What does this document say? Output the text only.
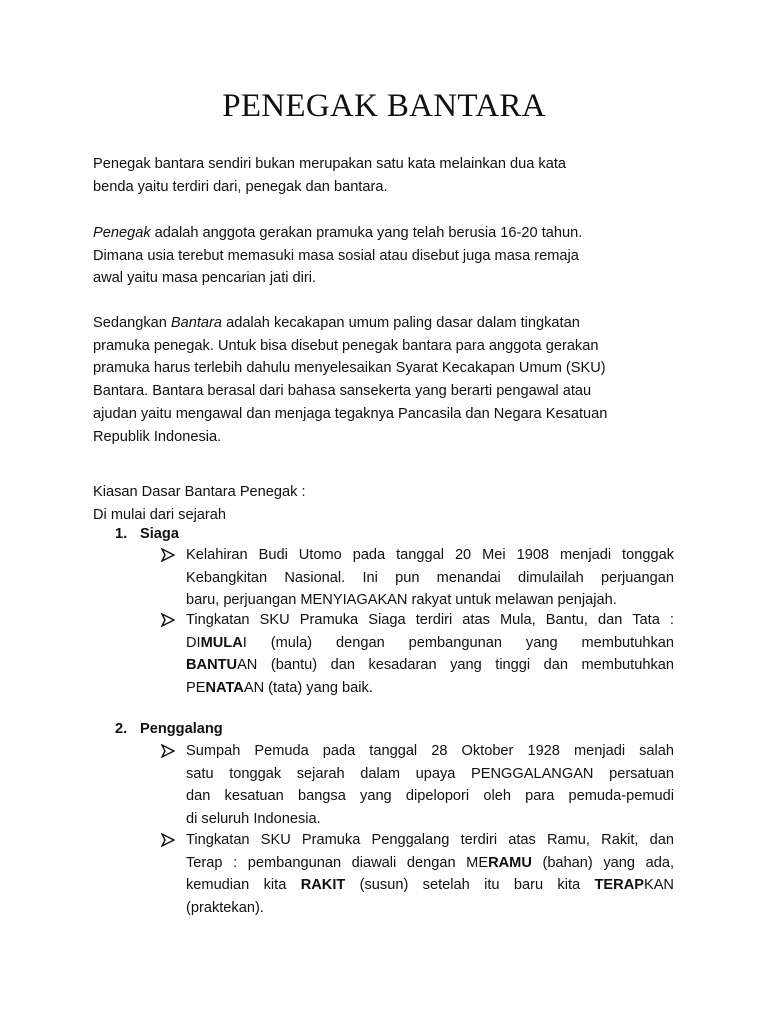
PENEGAK BANTARA

Penegak bantara sendiri bukan merupakan satu kata melainkan dua kata
benda yaitu terdiri dari, penegak dan bantara.

Penegak adalah anggota gerakan pramuka yang telah berusia 16-20 tahun.
Dimana usia terebut memasuki masa sosial atau disebut juga masa remaja
awal yaitu masa pencarian jati diri.

Sedangkan Bantara adalah kecakapan umum paling dasar dalam tingkatan
pramuka penegak. Untuk bisa disebut penegak bantara para anggota gerakan
pramuka harus terlebih dahulu menyelesaikan Syarat Kecakapan Umum (SKU)
Bantara. Bantara berasal dari bahasa sansekerta yang berarti pengawal atau
ajudan yaitu mengawal dan menjaga tegaknya Pancasila dan Negara Kesatuan
Republik Indonesia.

Kiasan Dasar Bantara Penegak :
Di mulai dari sejarah

1. Siaga
Kelahiran Budi Utomo pada tanggal 20 Mei 1908 menjadi tonggak
Kebangkitan Nasional. Ini pun menandai dimulailah perjuangan
baru, perjuangan MENYIAGAKAN rakyat untuk melawan penjajah.
Tingkatan SKU Pramuka Siaga terdiri atas Mula, Bantu, dan Tata :
DIMULAI (mula) dengan pembangunan yang membutuhkan
BANTUAN (bantu) dan kesadaran yang tinggi dan membutuhkan
PENATAAN (tata) yang baik.
2. Penggalang
Sumpah Pemuda pada tanggal 28 Oktober 1928 menjadi salah
satu tonggak sejarah dalam upaya PENGGALANGAN persatuan
dan kesatuan bangsa yang dipelopori oleh para pemuda-pemudi
di seluruh Indonesia.
Tingkatan SKU Pramuka Penggalang terdiri atas Ramu, Rakit, dan
Terap : pembangunan diawali dengan MERAMU (bahan) yang ada,
kemudian kita RAKIT (susun) setelah itu baru kita TERAPKAN
(praktekan).
